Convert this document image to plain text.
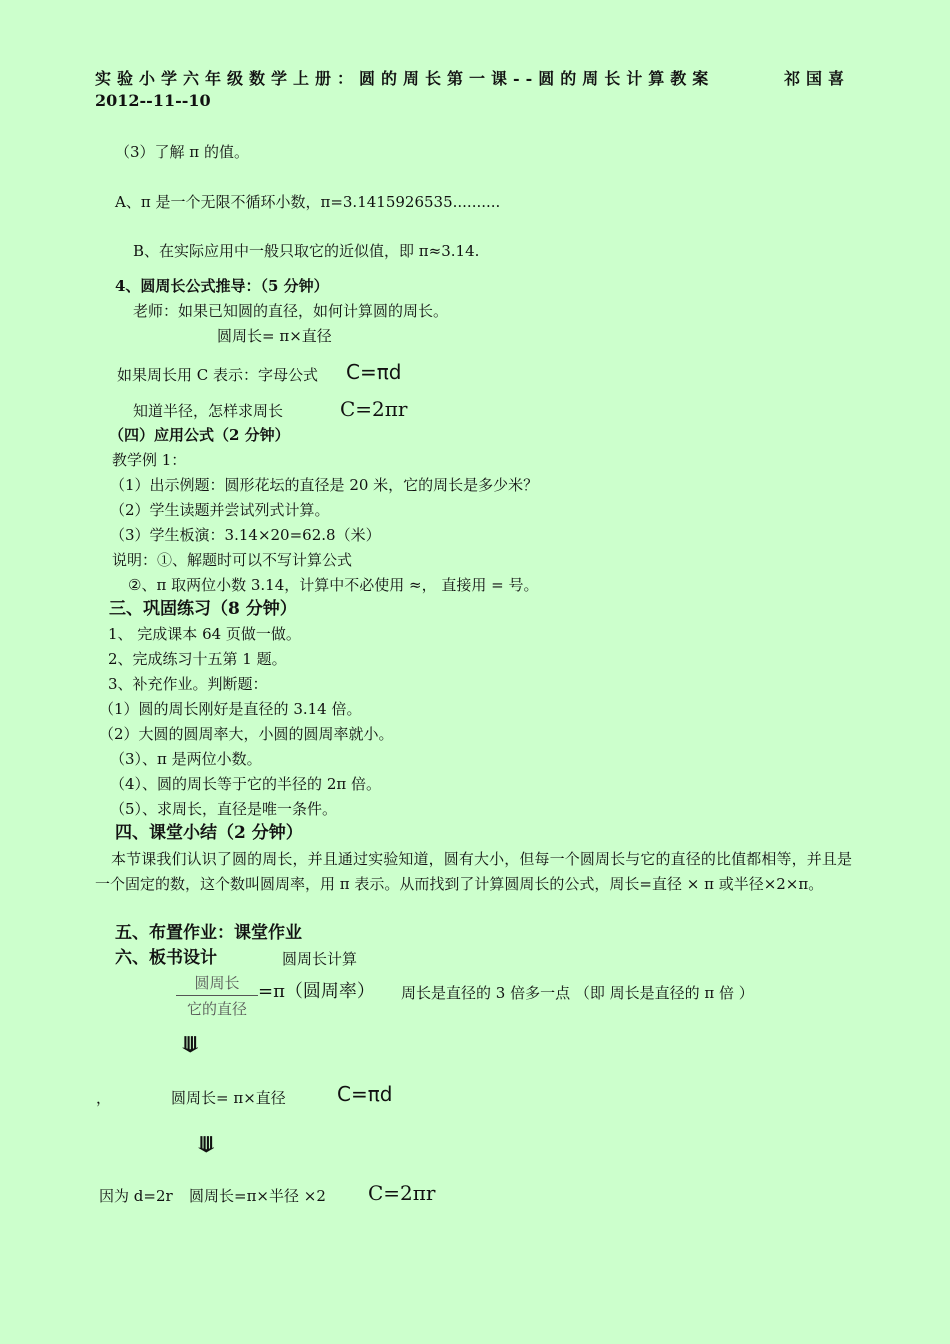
实验小学六年级数学上册：圆的周长第一课--圆的周长计算教案	祁国喜
2012--11--10
（3）了解 π 的值。
A、π 是一个无限不循环小数，π=3.1415926535..........
B、在实际应用中一般只取它的近似值，即 π≈3.14.
4、圆周长公式推导：（5 分钟）
老师：如果已知圆的直径，如何计算圆的周长。
圆周长= π×直径
如果周长用 C 表示：字母公式 C=πd
知道半径，怎样求周长	C=2πr
（四）应用公式（2 分钟）
教学例 1：
（1）出示例题：圆形花坛的直径是 20 米，它的周长是多少米？
（2）学生读题并尝试列式计算。
（3）学生板演：3.14×20=62.8（米）
说明：①、解题时可以不写计算公式
②、π 取两位小数 3.14，计算中不必使用 ≈， 直接用 = 号。
三、巩固练习（8 分钟）
1、 完成课本 64 页做一做。
2、完成练习十五第 1 题。
3、补充作业。判断题：
（1）圆的周长刚好是直径的 3.14 倍。
（2）大圆的圆周率大，小圆的圆周率就小。
（3）、π 是两位小数。
（4）、圆的周长等于它的半径的 2π 倍。
（5）、求周长，直径是唯一条件。
四、课堂小结（2 分钟）
本节课我们认识了圆的周长，并且通过实验知道，圆有大小，但每一个圆周长与它的直径的比值都相等，并且是一个固定的数，这个数叫圆周率，用 π 表示。从而找到了计算圆周长的公式，周长=直径 × π 或半径×2×π。
五、布置作业：课堂作业
六、板书设计	圆周长计算
圆周长
它的直径
=π（圆周率） 周长是直径的 3 倍多一点 （即 周长是直径的 π 倍 ）
⟱
，	圆周长= π×直径	C=πd
⟱
因为 d=2r 圆周长=π×半径 ×2 C=2πr
